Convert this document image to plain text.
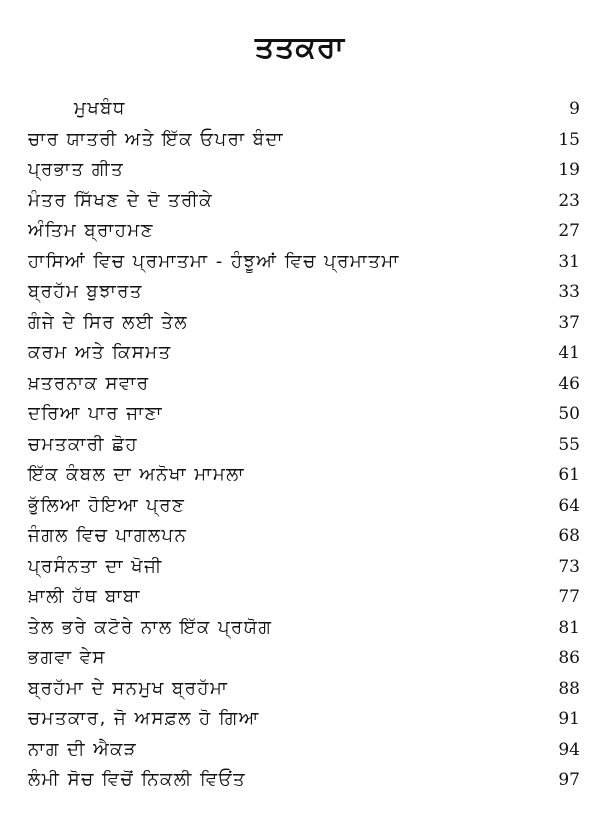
ਤਤਕਰਾ
ਮੁਖਬੰਧ	9
ਚਾਰ ਯਾਤਰੀ ਅਤੇ ਇੱਕ ਓਪਰਾ ਬੰਦਾ	15
ਪ੍ਰਭਾਤ ਗੀਤ	19
ਮੰਤਰ ਸਿੱਖਣ ਦੇ ਦੋ ਤਰੀਕੇ	23
ਅੰਤਿਮ ਬ੍ਰਾਹਮਣ	27
ਹਾਸਿਆਂ ਵਿਚ ਪ੍ਰਮਾਤਮਾ - ਹੰਝੂਆਂ ਵਿਚ ਪ੍ਰਮਾਤਮਾ	31
ਬ੍ਰਹੱਮ ਬੁਝਾਰਤ	33
ਗੰਜੇ ਦੇ ਸਿਰ ਲਈ ਤੇਲ	37
ਕਰਮ ਅਤੇ ਕਿਸਮਤ	41
ਖ਼ਤਰਨਾਕ ਸਵਾਰ	46
ਦਰਿਆ ਪਾਰ ਜਾਣਾ	50
ਚਮਤਕਾਰੀ ਛੋਹ	55
ਇੱਕ ਕੰਬਲ ਦਾ ਅਨੋਖਾ ਮਾਮਲਾ	61
ਭੁੱਲਿਆ ਹੋਇਆ ਪ੍ਰਣ	64
ਜੰਗਲ ਵਿਚ ਪਾਗਲਪਨ	68
ਪ੍ਰਸੰਨਤਾ ਦਾ ਖੋਜੀ	73
ਖ਼ਾਲੀ ਹੱਥ ਬਾਬਾ	77
ਤੇਲ ਭਰੇ ਕਟੋਰੇ ਨਾਲ ਇੱਕ ਪ੍ਰਯੋਗ	81
ਭਗਵਾ ਵੇਸ	86
ਬ੍ਰਹੱਮਾ ਦੇ ਸਨਮੁਖ ਬ੍ਰਹੱਮਾ	88
ਚਮਤਕਾਰ, ਜੋ ਅਸਫ਼ਲ ਹੋ ਗਿਆ	91
ਨਾਗ ਦੀ ਐਕੜ	94
ਲੰਮੀ ਸੋਚ ਵਿਚੋਂ ਨਿਕਲੀ ਵਿਓਂਤ	97
